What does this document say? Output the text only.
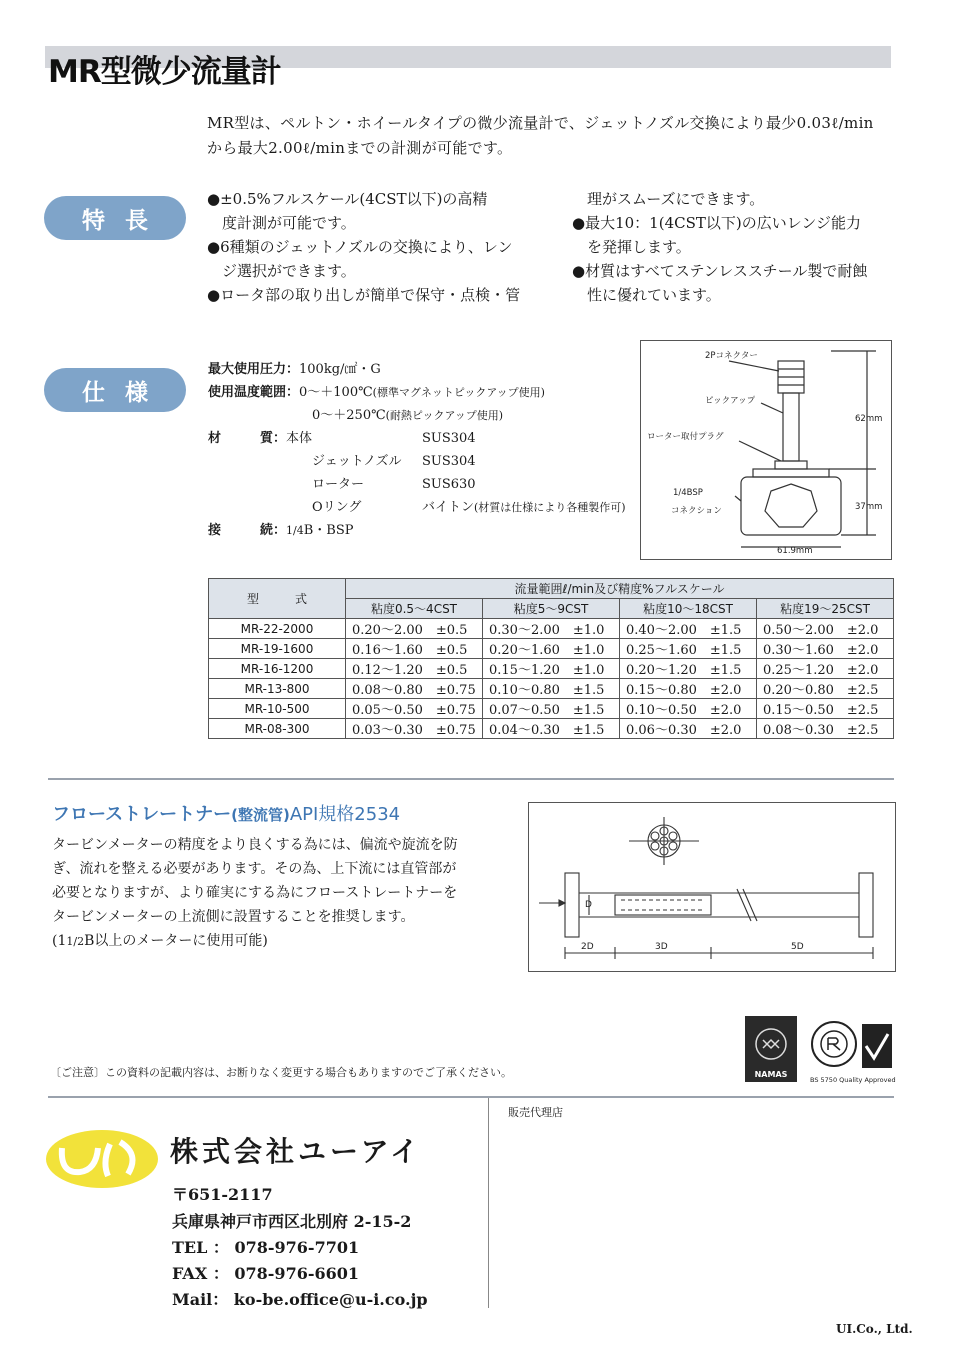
MR型微少流量計
MR型は、ペルトン・ホイールタイプの微少流量計で、ジェットノズル交換により最少0.03ℓ/min
から最大2.00ℓ/minまでの計測が可能です。
特長
●±0.5%フルスケール(4CST以下)の高精
　度計測が可能です。
●6種類のジェットノズルの交換により、レン
　ジ選択ができます。
●ロータ部の取り出しが簡単で保守・点検・管
　理がスムーズにできます。
●最大10：1(4CST以下)の広いレンジ能力
　を発揮します。
●材質はすべてステンレススチール製で耐蝕
　性に優れています。
仕様
最大使用圧力：100kg/㎠・G
使用温度範囲：0～＋100℃(標準マグネットピックアップ使用)
0～＋250℃(耐熱ピックアップ使用)
材　　　質：本体	SUS304
ジェットノズル SUS304
ローター	SUS630
Oリング	バイトン(材質は仕様により各種製作可)
接　　　続：1/4B・BSP
2Pコネクター
ピックアップ
ローター取付プラグ
1/4BSP
コネクション
62mm
37mm
61.9mm
型　　　式	流量範囲ℓ/min及び精度%フルスケール			
	粘度0.5～4CST	粘度5～9CST	粘度10～18CST	粘度19～25CST
MR-22-2000	0.20～2.00　±0.5	0.30～2.00　±1.0	0.40～2.00　±1.5	0.50～2.00　±2.0
MR-19-1600	0.16～1.60　±0.5	0.20～1.60　±1.0	0.25～1.60　±1.5	0.30～1.60　±2.0
MR-16-1200	0.12～1.20　±0.5	0.15～1.20　±1.0	0.20～1.20　±1.5	0.25～1.20　±2.0
MR-13-800	0.08～0.80　±0.75	0.10～0.80　±1.5	0.15～0.80　±2.0	0.20～0.80　±2.5
MR-10-500	0.05～0.50　±0.75	0.07～0.50　±1.5	0.10～0.50　±2.0	0.15～0.50　±2.5
MR-08-300	0.03～0.30　±0.75	0.04～0.30　±1.5	0.06～0.30　±2.0	0.08～0.30　±2.5
フローストレートナー(整流管)API規格2534
タービンメーターの精度をより良くする為には、偏流や旋流を防
ぎ、流れを整える必要があります。その為、上下流には直管部が
必要となりますが、より確実にする為にフローストレートナーを
タービンメーターの上流側に設置することを推奨します。
(11/2B以上のメーターに使用可能)
D
2D	3D	5D
NAMAS
BS 5750 Quality Approved
〔ご注意〕この資料の記載内容は、お断りなく変更する場合もありますのでご了承ください。
販売代理店
株式会社ユーアイ
〒651-2117
兵庫県神戸市西区北別府 2-15-2
TEL ： 078-976-7701
FAX ： 078-976-6601
Mail： ko-be.office@u-i.co.jp
UI.Co., Ltd.
